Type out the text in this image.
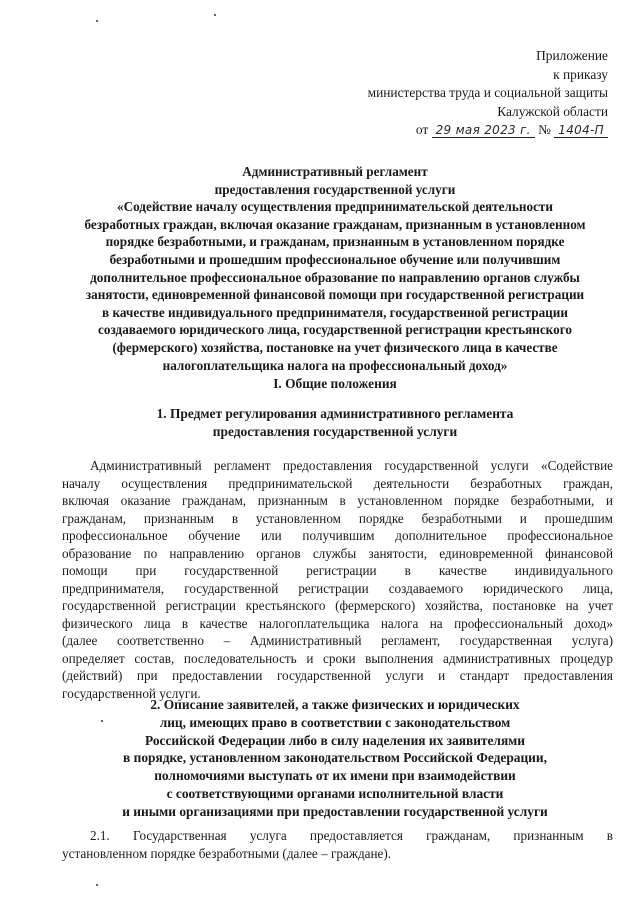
Приложение
к приказу
министерства труда и социальной защиты
Калужской области
от 29 мая 2023 г. № 1404-П
Административный регламент
предоставления государственной услуги
«Содействие началу осуществления предпринимательской деятельности
безработных граждан, включая оказание гражданам, признанным в установленном
порядке безработными, и гражданам, признанным в установленном порядке
безработными и прошедшим профессиональное обучение или получившим
дополнительное профессиональное образование по направлению органов службы
занятости, единовременной финансовой помощи при государственной регистрации
в качестве индивидуального предпринимателя, государственной регистрации
создаваемого юридического лица, государственной регистрации крестьянского
(фермерского) хозяйства, постановке на учет физического лица в качестве
налогоплательщика налога на профессиональный доход»
I. Общие положения
1. Предмет регулирования административного регламента
предоставления государственной услуги
Административный регламент предоставления государственной услуги «Содействие
началу осуществления предпринимательской деятельности безработных граждан,
включая оказание гражданам, признанным в установленном порядке безработными, и
гражданам, признанным в установленном порядке безработными и прошедшим
профессиональное обучение или получившим дополнительное профессиональное
образование по направлению органов службы занятости, единовременной финансовой
помощи при государственной регистрации в качестве индивидуального
предпринимателя, государственной регистрации создаваемого юридического лица,
государственной регистрации крестьянского (фермерского) хозяйства, постановке на учет
физического лица в качестве налогоплательщика налога на профессиональный доход»
(далее соответственно – Административный регламент, государственная услуга)
определяет состав, последовательность и сроки выполнения административных процедур
(действий) при предоставлении государственной услуги и стандарт предоставления
государственной услуги.
2. Описание заявителей, а также физических и юридических
лиц, имеющих право в соответствии с законодательством
Российской Федерации либо в силу наделения их заявителями
в порядке, установленном законодательством Российской Федерации,
полномочиями выступать от их имени при взаимодействии
с соответствующими органами исполнительной власти
и иными организациями при предоставлении государственной услуги
2.1. Государственная услуга предоставляется гражданам, признанным в
установленном порядке безработными (далее – граждане).
